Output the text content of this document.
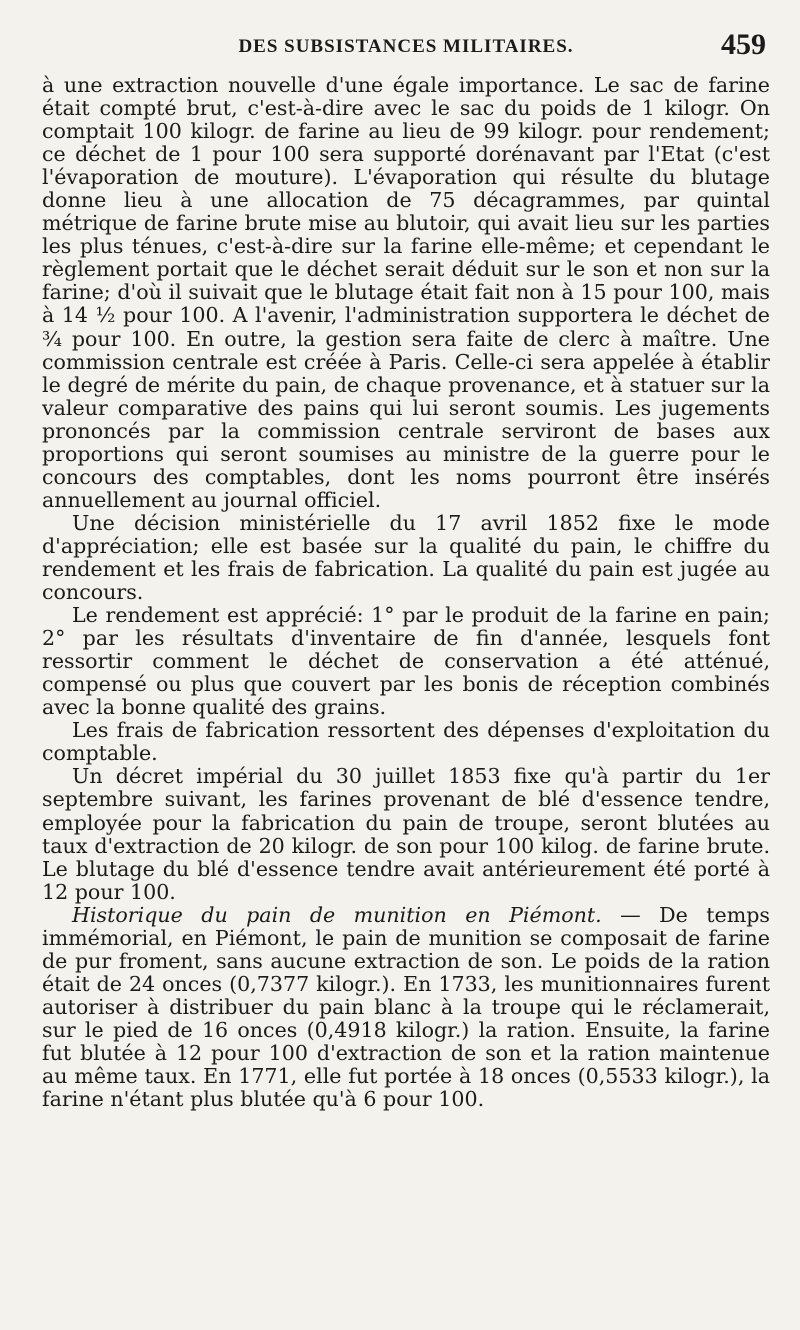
DES SUBSISTANCES MILITAIRES.	459

à une extraction nouvelle d'une égale importance. Le sac de farine était compté brut, c'est-à-dire avec le sac du poids de 1 kilogr. On comptait 100 kilogr. de farine au lieu de 99 kilogr. pour rendement; ce déchet de 1 pour 100 sera supporté dorénavant par l'Etat (c'est l'évaporation de mouture). L'évaporation qui résulte du blutage donne lieu à une allocation de 75 décagrammes, par quintal métrique de farine brute mise au blutoir, qui avait lieu sur les parties les plus ténues, c'est-à-dire sur la farine elle-même; et cependant le règlement portait que le déchet serait déduit sur le son et non sur la farine; d'où il suivait que le blutage était fait non à 15 pour 100, mais à 14 ½ pour 100. A l'avenir, l'administration supportera le déchet de ¾ pour 100. En outre, la gestion sera faite de clerc à maître. Une commission centrale est créée à Paris. Celle-ci sera appelée à établir le degré de mérite du pain, de chaque provenance, et à statuer sur la valeur comparative des pains qui lui seront soumis. Les jugements prononcés par la commission centrale serviront de bases aux proportions qui seront soumises au ministre de la guerre pour le concours des comptables, dont les noms pourront être insérés annuellement au journal officiel.

Une décision ministérielle du 17 avril 1852 fixe le mode d'appréciation; elle est basée sur la qualité du pain, le chiffre du rendement et les frais de fabrication. La qualité du pain est jugée au concours.

Le rendement est apprécié: 1° par le produit de la farine en pain; 2° par les résultats d'inventaire de fin d'année, lesquels font ressortir comment le déchet de conservation a été atténué, compensé ou plus que couvert par les bonis de réception combinés avec la bonne qualité des grains.

Les frais de fabrication ressortent des dépenses d'exploitation du comptable.

Un décret impérial du 30 juillet 1853 fixe qu'à partir du 1er septembre suivant, les farines provenant de blé d'essence tendre, employée pour la fabrication du pain de troupe, seront blutées au taux d'extraction de 20 kilogr. de son pour 100 kilog. de farine brute. Le blutage du blé d'essence tendre avait antérieurement été porté à 12 pour 100.

Historique du pain de munition en Piémont. — De temps immémorial, en Piémont, le pain de munition se composait de farine de pur froment, sans aucune extraction de son. Le poids de la ration était de 24 onces (0,7377 kilogr.). En 1733, les munitionnaires furent autoriser à distribuer du pain blanc à la troupe qui le réclamerait, sur le pied de 16 onces (0,4918 kilogr.) la ration. Ensuite, la farine fut blutée à 12 pour 100 d'extraction de son et la ration maintenue au même taux. En 1771, elle fut portée à 18 onces (0,5533 kilogr.), la farine n'étant plus blutée qu'à 6 pour 100.
